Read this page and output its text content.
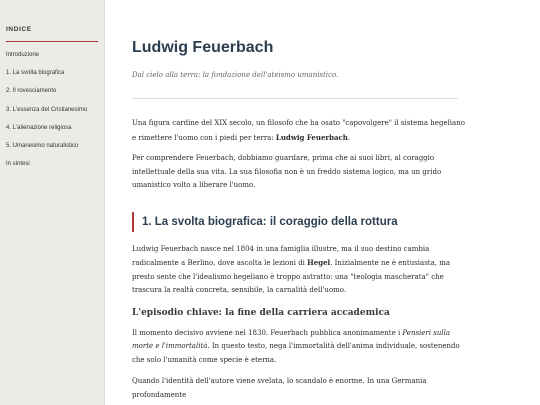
INDICE
Introduzione
1. La svolta biografica
2. Il rovesciamento
3. L'essenza del Cristianesimo
4. L'alienazione religiosa
5. Umanesimo naturalistico
In sintesi
Ludwig Feuerbach
Dal cielo alla terra: la fondazione dell'ateismo umanistico.

Una figura cardine del XIX secolo, un filosofo che ha osato "capovolgere" il sistema hegeliano e rimettere l'uomo con i piedi per terra: Ludwig Feuerbach.

Per comprendere Feuerbach, dobbiamo guardare, prima che ai suoi libri, al coraggio intellettuale della sua vita. La sua filosofia non è un freddo sistema logico, ma un grido umanistico volto a liberare l'uomo.

1. La svolta biografica: il coraggio della rottura

Ludwig Feuerbach nasce nel 1804 in una famiglia illustre, ma il suo destino cambia radicalmente a Berlino, dove ascolta le lezioni di Hegel. Inizialmente ne è entusiasta, ma presto sente che l'idealismo hegeliano è troppo astratto: una "teologia mascherata" che trascura la realtà concreta, sensibile, la carnalità dell'uomo.

L'episodio chiave: la fine della carriera accademica

Il momento decisivo avviene nel 1830. Feuerbach pubblica anonimamente i Pensieri sulla morte e l'immortalità. In questo testo, nega l'immortalità dell'anima individuale, sostenendo che solo l'umanità come specie è eterna.

Quando l'identità dell'autore viene svelata, lo scandalo è enorme. In una Germania profondamente
